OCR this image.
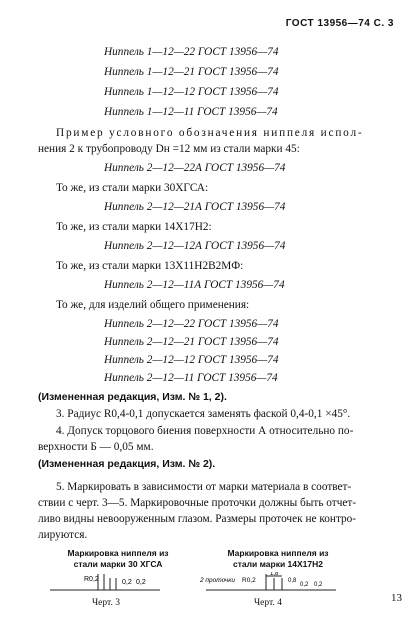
ГОСТ 13956—74 С. 3
Ниппель 1—12—22 ГОСТ 13956—74
Ниппель 1—12—21 ГОСТ 13956—74
Ниппель 1—12—12 ГОСТ 13956—74
Ниппель 1—12—11 ГОСТ 13956—74
Пример условного обозначения ниппеля испол-
нения 2 к трубопроводу Dн =12 мм из стали марки 45:
Ниппель 2—12—22А ГОСТ 13956—74
То же, из стали марки 30ХГСА:
Ниппель 2—12—21А ГОСТ 13956—74
То же, из стали марки 14Х17Н2:
Ниппель 2—12—12А ГОСТ 13956—74
То же, из стали марки 13Х11Н2В2МФ:
Ниппель 2—12—11А ГОСТ 13956—74
То же, для изделий общего применения:
Ниппель 2—12—22 ГОСТ 13956—74
Ниппель 2—12—21 ГОСТ 13956—74
Ниппель 2—12—12 ГОСТ 13956—74
Ниппель 2—12—11 ГОСТ 13956—74
(Измененная редакция, Изм. № 1, 2).
3. Радиус R0,4-0,1 допускается заменять фаской 0,4-0,1 ×45°.
4. Допуск торцового биения поверхности А относительно по-
верхности Б — 0,05 мм.
(Измененная редакция, Изм. № 2).
5. Маркировать в зависимости от марки материала в соответ-
ствии с черт. 3—5. Маркировочные проточки должны быть отчет-
ливо видны невооруженным глазом. Размеры проточек не контро-
лируются.
Маркировка ниппеля из стали марки 30 ХГСА
Маркировка ниппеля из стали марки 14Х17Н2
R0,2	0,2 0,2	2 проточки R0,2
1,8
0,8
0,2 0,2
Черт. 3	Черт. 4	13
